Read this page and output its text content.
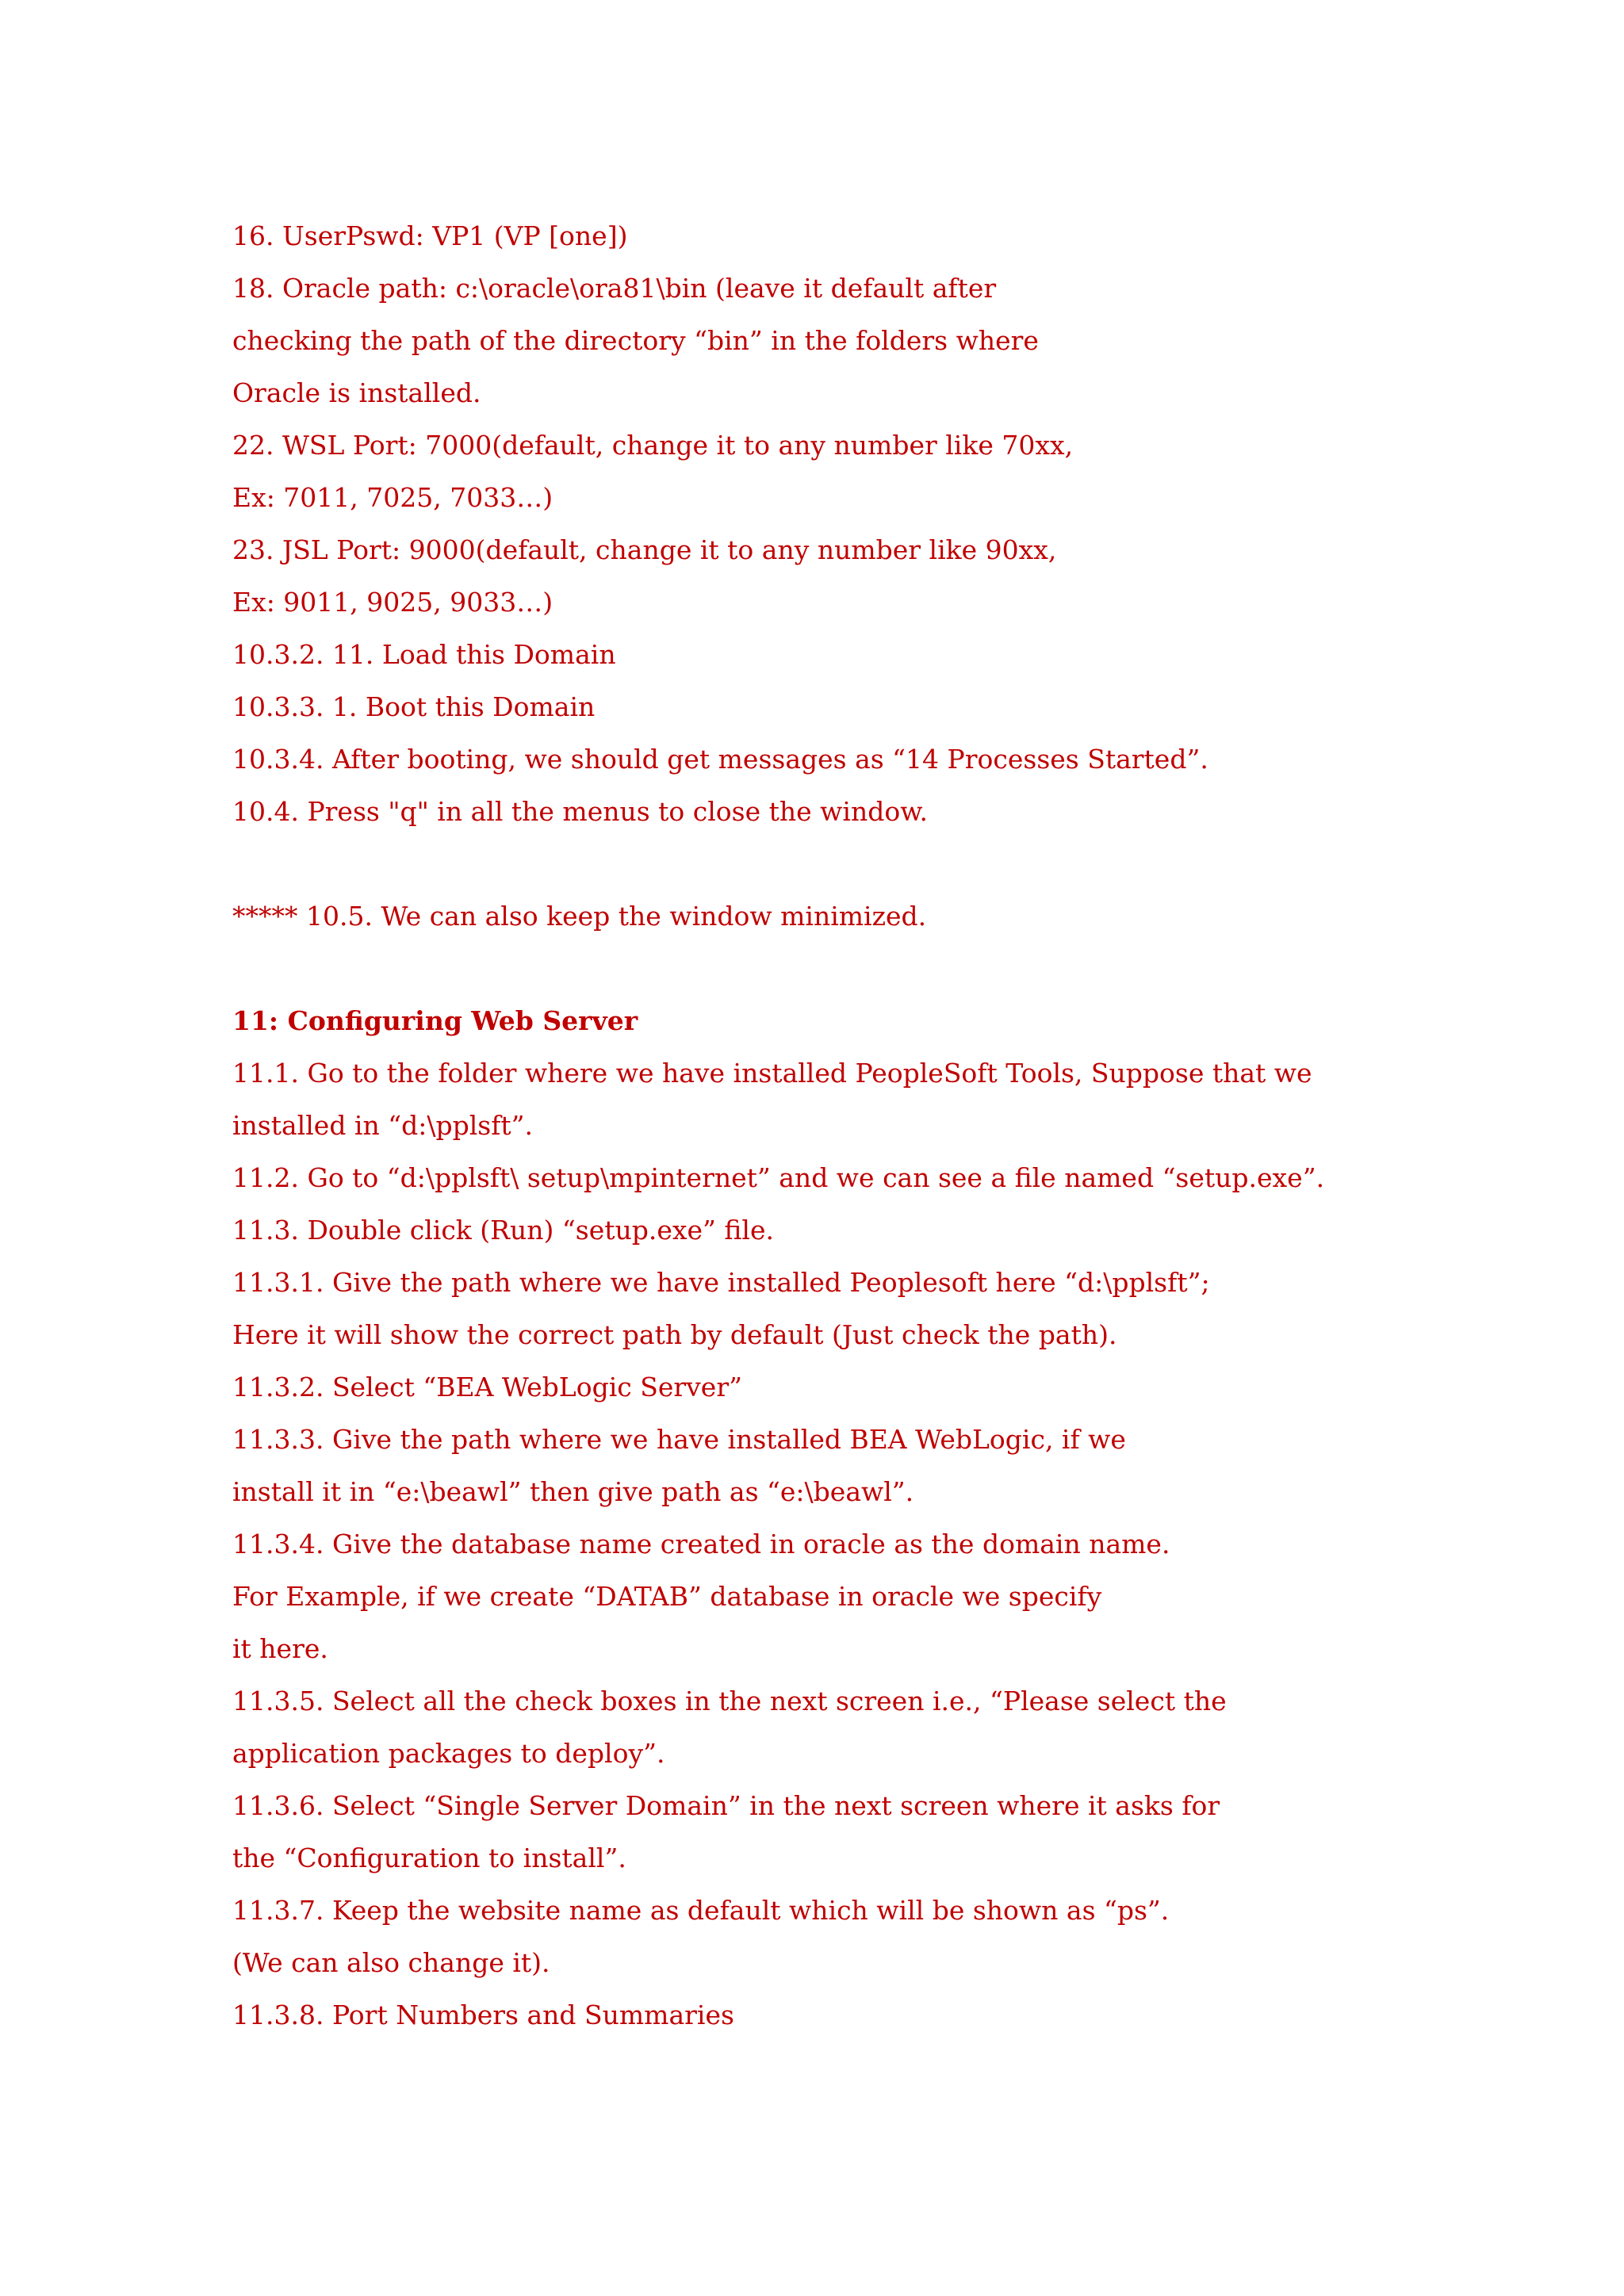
16. UserPswd: VP1 (VP [one])

18. Oracle path: c:\oracle\ora81\bin (leave it default after

checking the path of the directory “bin” in the folders where

Oracle is installed.

22. WSL Port: 7000(default, change it to any number like 70xx,

Ex: 7011, 7025, 7033…)

23. JSL Port: 9000(default, change it to any number like 90xx,

Ex: 9011, 9025, 9033…)

10.3.2. 11. Load this Domain

10.3.3. 1. Boot this Domain

10.3.4. After booting, we should get messages as “14 Processes Started”.

10.4. Press "q" in all the menus to close the window.

***** 10.5. We can also keep the window minimized.

11: Configuring Web Server

11.1. Go to the folder where we have installed PeopleSoft Tools, Suppose that we

installed in “d:\pplsft”.

11.2. Go to “d:\pplsft\ setup\mpinternet” and we can see a file named “setup.exe”.

11.3. Double click (Run) “setup.exe” file.

11.3.1. Give the path where we have installed Peoplesoft here “d:\pplsft”;

Here it will show the correct path by default (Just check the path).

11.3.2. Select “BEA WebLogic Server”

11.3.3. Give the path where we have installed BEA WebLogic, if we

install it in “e:\beawl” then give path as “e:\beawl”.

11.3.4. Give the database name created in oracle as the domain name.

For Example, if we create “DATAB” database in oracle we specify

it here.

11.3.5. Select all the check boxes in the next screen i.e., “Please select the

application packages to deploy”.

11.3.6. Select “Single Server Domain” in the next screen where it asks for

the “Configuration to install”.

11.3.7. Keep the website name as default which will be shown as “ps”.

(We can also change it).

11.3.8. Port Numbers and Summaries
